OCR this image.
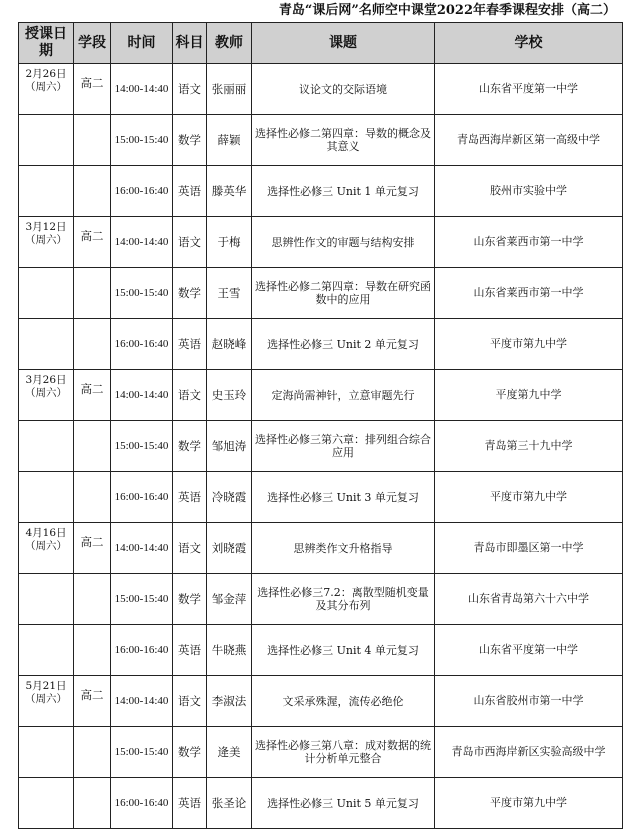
青岛“课后网”名师空中课堂2022年春季课程安排（高二）
授课日期	学段	时间	科目	教师	课题	学校
2月26日（周六）	高二	14:00-14:40	语文	张丽丽	议论文的交际语境	山东省平度第一中学
		15:00-15:40	数学	薛颖	选择性必修二第四章：导数的概念及其意义	青岛西海岸新区第一高级中学
		16:00-16:40	英语	滕英华	选择性必修三 Unit 1 单元复习	胶州市实验中学
3月12日（周六）	高二	14:00-14:40	语文	于梅	思辨性作文的审题与结构安排	山东省莱西市第一中学
		15:00-15:40	数学	王雪	选择性必修二第四章：导数在研究函数中的应用	山东省莱西市第一中学
		16:00-16:40	英语	赵晓峰	选择性必修三 Unit 2 单元复习	平度市第九中学
3月26日（周六）	高二	14:00-14:40	语文	史玉玲	定海尚需神针，立意审题先行	平度第九中学
		15:00-15:40	数学	邹旭涛	选择性必修三第六章：排列组合综合应用	青岛第三十九中学
		16:00-16:40	英语	冷晓霞	选择性必修三 Unit 3 单元复习	平度市第九中学
4月16日（周六）	高二	14:00-14:40	语文	刘晓霞	思辨类作文升格指导	青岛市即墨区第一中学
		15:00-15:40	数学	邹金萍	选择性必修三7.2：离散型随机变量及其分布列	山东省青岛第六十六中学
		16:00-16:40	英语	牛晓燕	选择性必修三 Unit 4 单元复习	山东省平度第一中学
5月21日（周六）	高二	14:00-14:40	语文	李淑法	文采承殊渥，流传必绝伦	山东省胶州市第一中学
		15:00-15:40	数学	逄美	选择性必修三第八章：成对数据的统计分析单元整合	青岛市西海岸新区实验高级中学
		16:00-16:40	英语	张圣论	选择性必修三 Unit 5 单元复习	平度市第九中学
